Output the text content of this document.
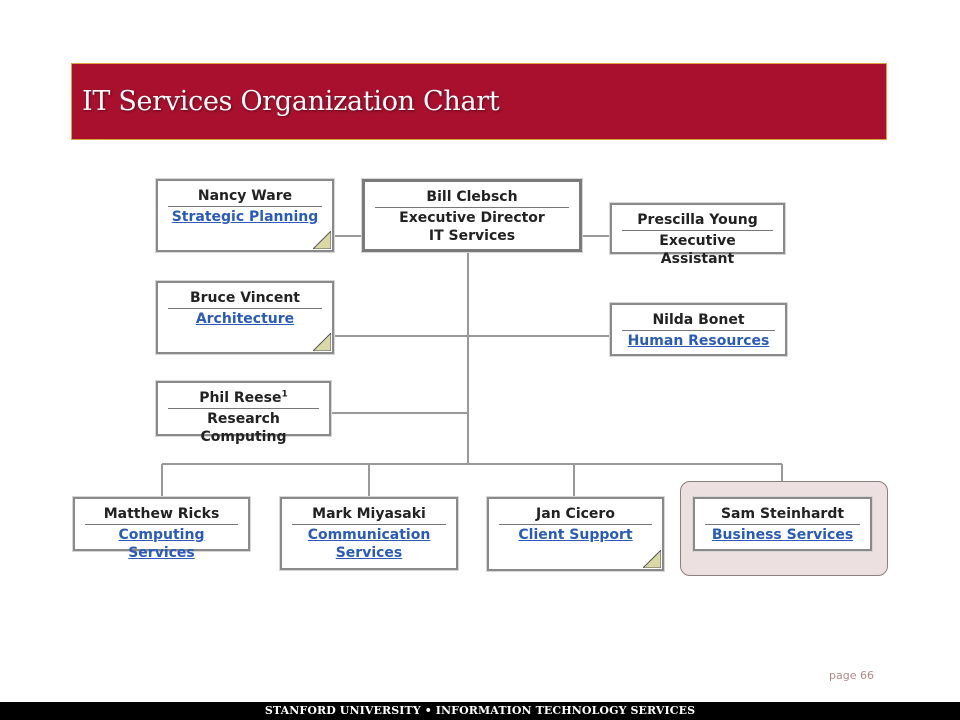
IT Services Organization Chart
Nancy Ware
Strategic Planning
Bill Clebsch
Executive Director
IT Services
Prescilla Young
Executive Assistant
Bruce Vincent
Architecture	Nilda Bonet
Human Resources
Phil Reese$^1$
Research Computing
Matthew Ricks
Computing Services
Mark Miyasaki
Communication
Services
Jan Cicero
Client Support
Sam Steinhardt
Business Services
page 66
STANFORD UNIVERSITY • INFORMATION TECHNOLOGY SERVICES
